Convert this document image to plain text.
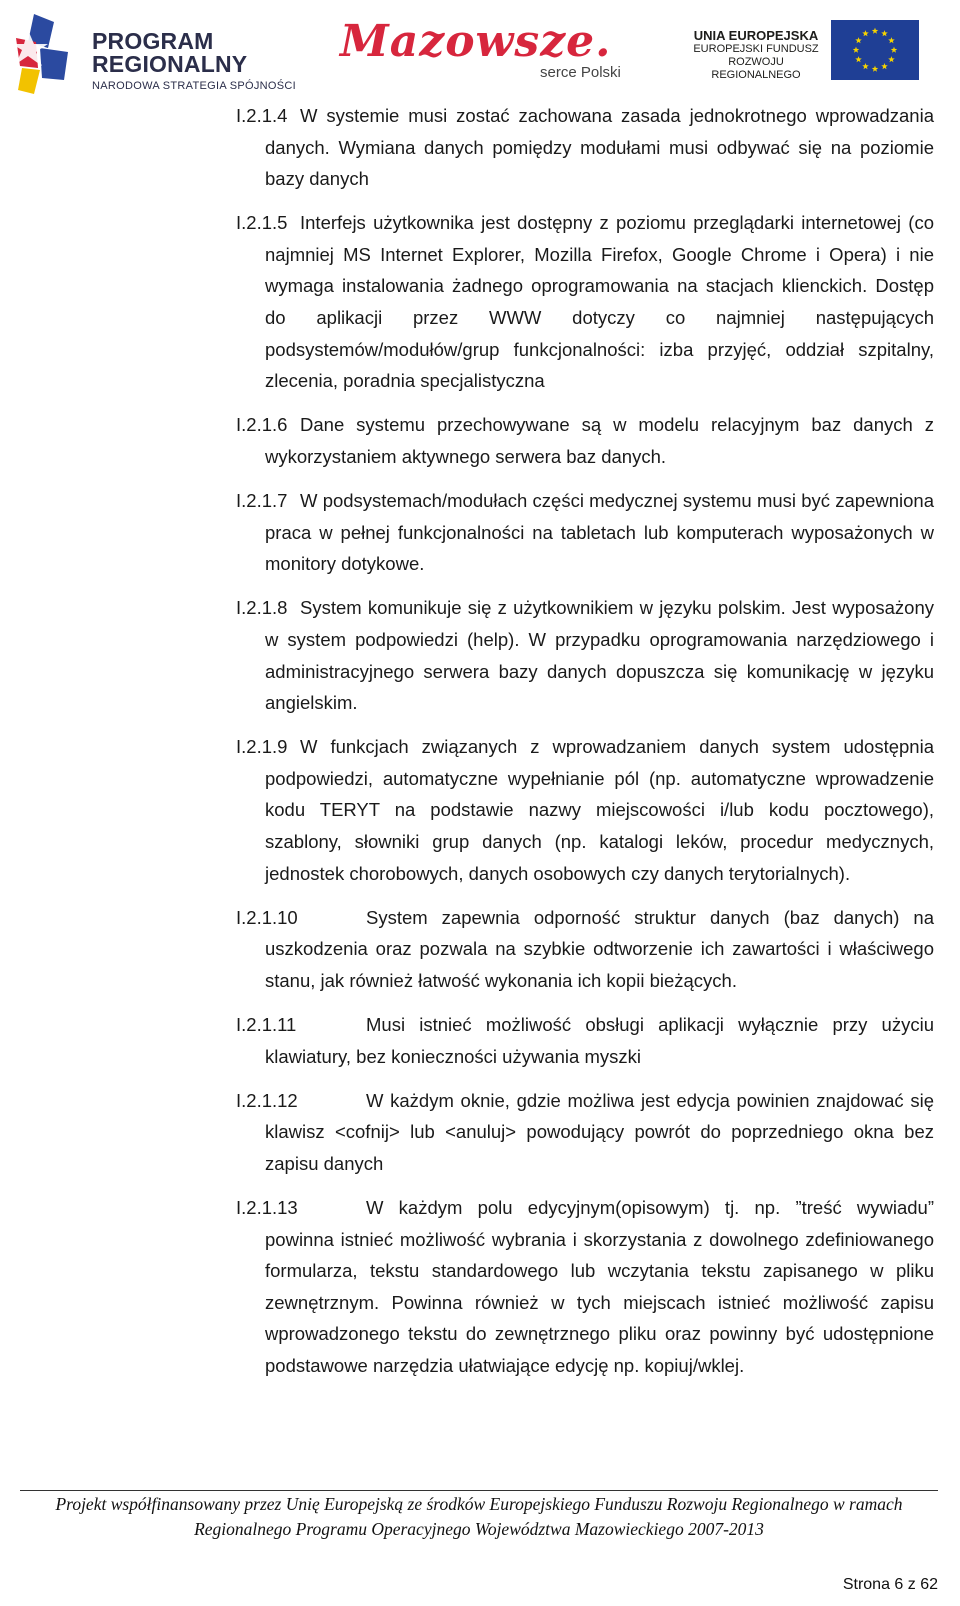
PROGRAM
REGIONALNY
NARODOWA STRATEGIA SPÓJNOŚCI
Mazowsze.
serce Polski
UNIA EUROPEJSKA
EUROPEJSKI FUNDUSZ
ROZWOJU REGIONALNEGO
I.2.1.4 W systemie musi zostać zachowana zasada jednokrotnego wprowadzania danych. Wymiana danych pomiędzy modułami musi odbywać się na poziomie bazy danych
I.2.1.5 Interfejs użytkownika jest dostępny z poziomu przeglądarki internetowej (co najmniej MS Internet Explorer, Mozilla Firefox, Google Chrome i Opera) i nie wymaga instalowania żadnego oprogramowania na stacjach klienckich. Dostęp do aplikacji przez WWW dotyczy co najmniej następujących podsystemów/modułów/grup funkcjonalności: izba przyjęć, oddział szpitalny, zlecenia, poradnia specjalistyczna
I.2.1.6 Dane systemu przechowywane są w modelu relacyjnym baz danych z wykorzystaniem aktywnego serwera baz danych.
I.2.1.7 W podsystemach/modułach części medycznej systemu musi być zapewniona praca w pełnej funkcjonalności na tabletach lub komputerach wyposażonych w monitory dotykowe.
I.2.1.8 System komunikuje się z użytkownikiem w języku polskim. Jest wyposażony w system podpowiedzi (help). W przypadku oprogramowania narzędziowego i administracyjnego serwera bazy danych dopuszcza się komunikację w języku angielskim.
I.2.1.9 W funkcjach związanych z wprowadzaniem danych system udostępnia podpowiedzi, automatyczne wypełnianie pól (np. automatyczne wprowadzenie kodu TERYT na podstawie nazwy miejscowości i/lub kodu pocztowego), szablony, słowniki grup danych (np. katalogi leków, procedur medycznych, jednostek chorobowych, danych osobowych czy danych terytorialnych).
I.2.1.10	System zapewnia odporność struktur danych (baz danych) na uszkodzenia oraz pozwala na szybkie odtworzenie ich zawartości i właściwego stanu, jak również łatwość wykonania ich kopii bieżących.
I.2.1.11	Musi istnieć możliwość obsługi aplikacji wyłącznie przy użyciu klawiatury, bez konieczności używania myszki
I.2.1.12	W każdym oknie, gdzie możliwa jest edycja powinien znajdować się klawisz <cofnij> lub <anuluj> powodujący powrót do poprzedniego okna bez zapisu danych
I.2.1.13	W każdym polu edycyjnym(opisowym) tj. np. ”treść wywiadu” powinna istnieć możliwość wybrania i skorzystania z dowolnego zdefiniowanego formularza, tekstu standardowego lub wczytania tekstu zapisanego w pliku zewnętrznym. Powinna również w tych miejscach istnieć możliwość zapisu wprowadzonego tekstu do zewnętrznego pliku oraz powinny być udostępnione podstawowe narzędzia ułatwiające edycję np. kopiuj/wklej.
Projekt współfinansowany przez Unię Europejską ze środków Europejskiego Funduszu Rozwoju Regionalnego w ramach
Regionalnego Programu Operacyjnego Województwa Mazowieckiego 2007-2013
Strona 6 z 62
